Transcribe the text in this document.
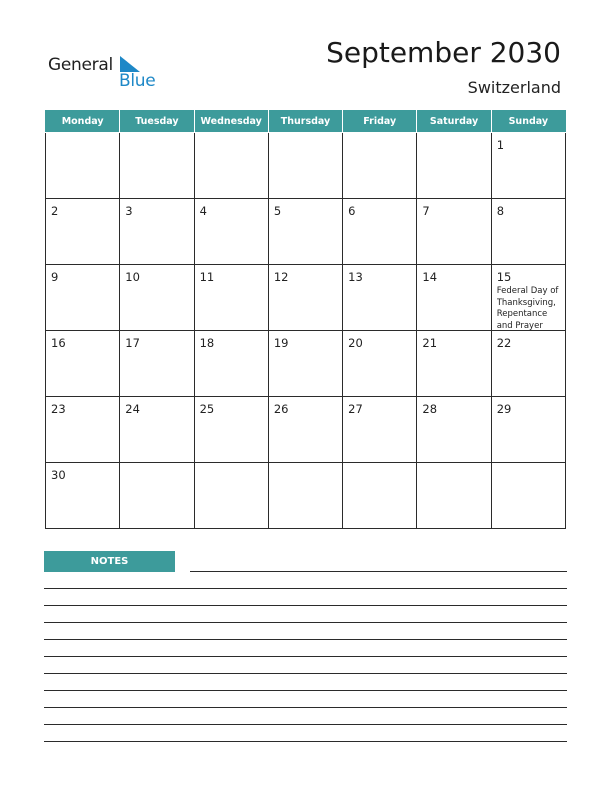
General
Blue
September 2030
Switzerland
Monday	Tuesday	Wednesday	Thursday	Friday	Saturday	Sunday

						1

2	3	4	5	6	7	8

9	10	11	12	13	14	15
Federal Day of Thanksgiving, Repentance and Prayer

16	17	18	19	20	21	22

23	24	25	26	27	28	29

30						

NOTES
